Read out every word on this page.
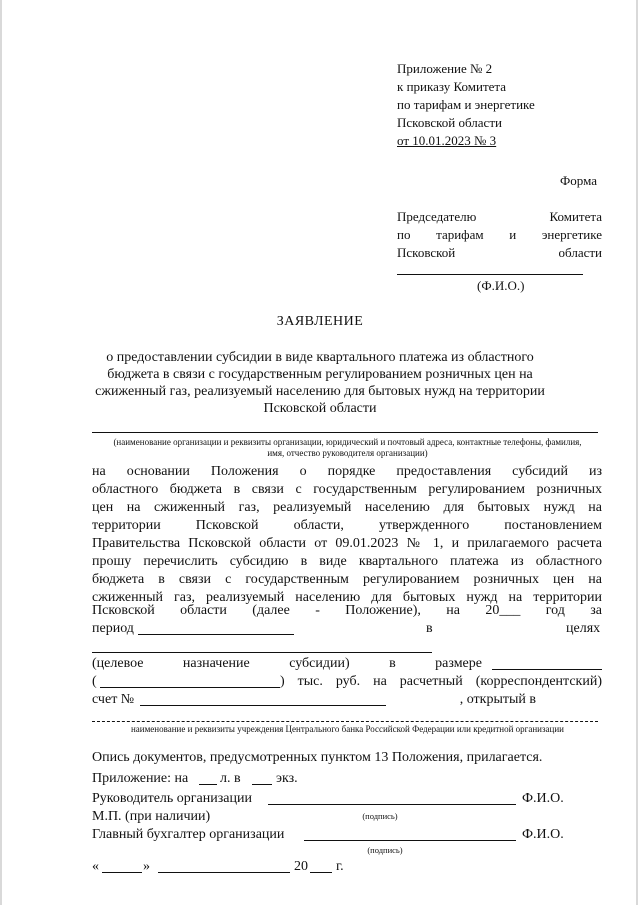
Приложение № 2
к приказу Комитета
по тарифам и энергетике
Псковской области
от 10.01.2023 № 3
Форма
Председателю Комитета
по тарифам и энергетике
Псковской области
(Ф.И.О.)
ЗАЯВЛЕНИЕ
о предоставлении субсидии в виде квартального платежа из областного
бюджета в связи с государственным регулированием розничных цен на
сжиженный газ, реализуемый населению для бытовых нужд на территории
Псковской области
(наименование организации и реквизиты организации, юридический и почтовый адреса, контактные телефоны, фамилия, имя, отчество руководителя организации)
на основании Положения о порядке предоставления субсидий из
областного бюджета в связи с государственным регулированием розничных
цен на сжиженный газ, реализуемый населению для бытовых нужд на
территории Псковской области, утвержденного постановлением
Правительства Псковской области от 09.01.2023 № 1, и прилагаемого расчета
прошу перечислить субсидию в виде квартального платежа из областного
бюджета в связи с государственным регулированием розничных цен на
сжиженный газ, реализуемый населению для бытовых нужд на территории
Псковской области (далее - Положение), на 20___ год за
период	в	целях
(целевое назначение субсидии) в размере
(	) тыс. руб. на расчетный (корреспондентский)
счет №	, открытый в
наименование и реквизиты учреждения Центрального банка Российской Федерации или кредитной организации
Опись документов, предусмотренных пунктом 13 Положения, прилагается.
Приложение: на л. в	экз.
Руководитель организации	Ф.И.О.
М.П. (при наличии)	(подпись)
Главный бухгалтер организации	Ф.И.О.
(подпись)
«	»	20 г.
